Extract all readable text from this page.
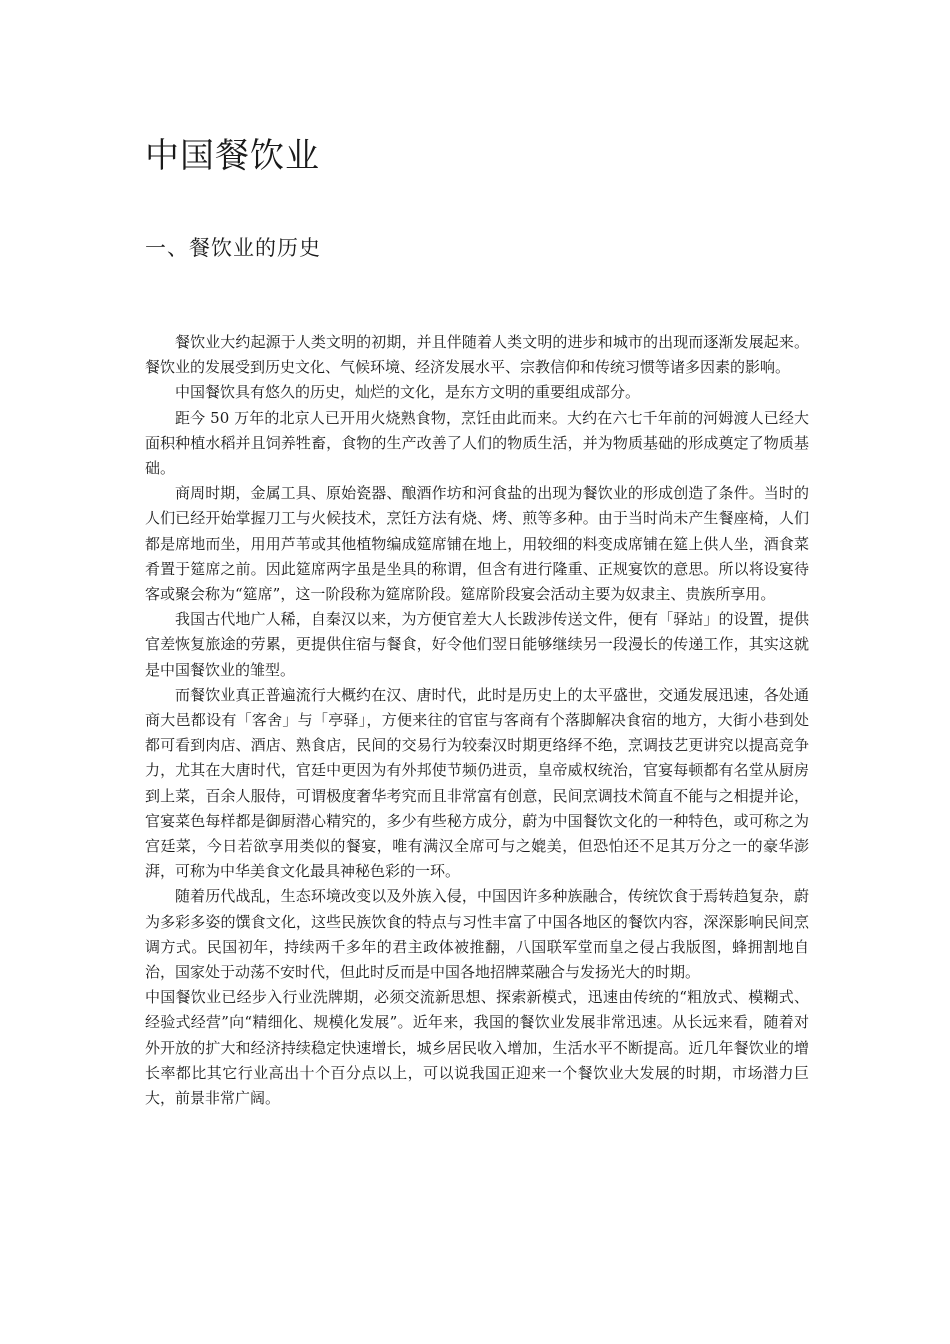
中国餐饮业
一、餐饮业的历史

餐饮业大约起源于人类文明的初期，并且伴随着人类文明的进步和城市的出现而逐渐发展起来。餐饮业的发展受到历史文化、气候环境、经济发展水平、宗教信仰和传统习惯等诸多因素的影响。

中国餐饮具有悠久的历史，灿烂的文化，是东方文明的重要组成部分。

距今 50 万年的北京人已开用火烧熟食物，烹饪由此而来。大约在六七千年前的河姆渡人已经大面积种植水稻并且饲养牲畜，食物的生产改善了人们的物质生活，并为物质基础的形成奠定了物质基础。

商周时期，金属工具、原始瓷器、酿酒作坊和河食盐的出现为餐饮业的形成创造了条件。当时的人们已经开始掌握刀工与火候技术，烹饪方法有烧、烤、煎等多种。由于当时尚未产生餐座椅，人们都是席地而坐，用用芦苇或其他植物编成筵席铺在地上，用较细的料变成席铺在筵上供人坐，酒食菜肴置于筵席之前。因此筵席两字虽是坐具的称谓，但含有进行隆重、正规宴饮的意思。所以将设宴待客或聚会称为“筵席”，这一阶段称为筵席阶段。筵席阶段宴会活动主要为奴隶主、贵族所享用。

我国古代地广人稀，自秦汉以来，为方便官差大人长跋涉传送文件，便有「驿站」的设置，提供官差恢复旅途的劳累，更提供住宿与餐食，好令他们翌日能够继续另一段漫长的传递工作，其实这就是中国餐饮业的雏型。

而餐饮业真正普遍流行大概约在汉、唐时代，此时是历史上的太平盛世，交通发展迅速，各处通商大邑都设有「客舍」与「亭驿」，方便来往的官宦与客商有个落脚解决食宿的地方，大街小巷到处都可看到肉店、酒店、熟食店，民间的交易行为较秦汉时期更络绎不绝，烹调技艺更讲究以提高竞争力，尤其在大唐时代，官廷中更因为有外邦使节频仍进贡，皇帝威权统治，官宴每顿都有名堂从厨房到上菜，百余人服侍，可谓极度奢华考究而且非常富有创意，民间烹调技术简直不能与之相提并论，官宴菜色每样都是御厨潜心精究的，多少有些秘方成分，蔚为中国餐饮文化的一种特色，或可称之为宫廷菜，今日若欲享用类似的餐宴，唯有满汉全席可与之媲美，但恐怕还不足其万分之一的豪华澎湃，可称为中华美食文化最具神秘色彩的一环。

随着历代战乱，生态环境改变以及外族入侵，中国因许多种族融合，传统饮食于焉转趋复杂，蔚为多彩多姿的馔食文化，这些民族饮食的特点与习性丰富了中国各地区的餐饮内容，深深影响民间烹调方式。民国初年，持续两千多年的君主政体被推翻，八国联军堂而皇之侵占我版图，蜂拥割地自治，国家处于动荡不安时代，但此时反而是中国各地招牌菜融合与发扬光大的时期。

中国餐饮业已经步入行业洗牌期，必须交流新思想、探索新模式，迅速由传统的“粗放式、模糊式、经验式经营”向“精细化、规模化发展”。近年来，我国的餐饮业发展非常迅速。从长远来看，随着对外开放的扩大和经济持续稳定快速增长，城乡居民收入增加，生活水平不断提高。近几年餐饮业的增长率都比其它行业高出十个百分点以上，可以说我国正迎来一个餐饮业大发展的时期，市场潜力巨大，前景非常广阔。
